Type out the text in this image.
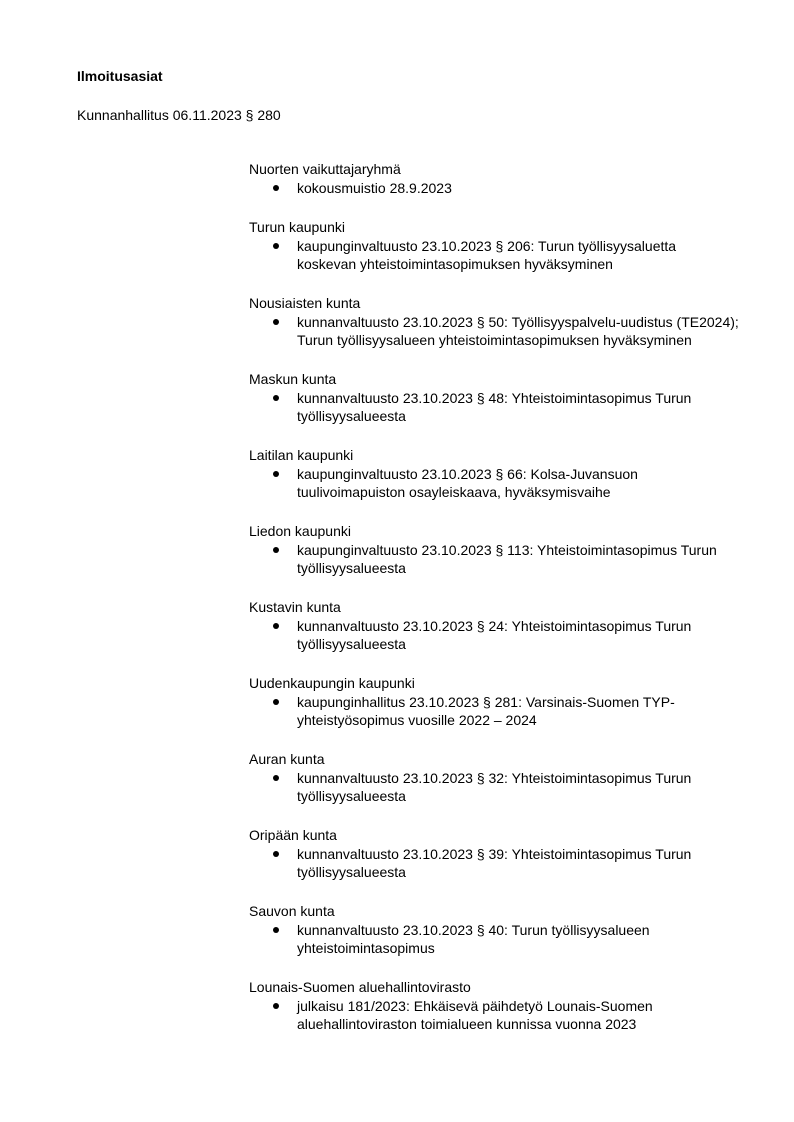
Ilmoitusasiat

Kunnanhallitus 06.11.2023 § 280

Nuorten vaikuttajaryhmä
kokousmuistio 28.9.2023
Turun kaupunki
kaupunginvaltuusto 23.10.2023 § 206: Turun työllisyysaluetta koskevan yhteistoimintasopimuksen hyväksyminen
Nousiaisten kunta
kunnanvaltuusto 23.10.2023 § 50: Työllisyyspalvelu-uudistus (TE2024); Turun työllisyysalueen yhteistoimintasopimuksen hyväksyminen
Maskun kunta
kunnanvaltuusto 23.10.2023 § 48: Yhteistoimintasopimus Turun työllisyysalueesta
Laitilan kaupunki
kaupunginvaltuusto 23.10.2023 § 66: Kolsa-Juvansuon tuulivoimapuiston osayleiskaava, hyväksymisvaihe
Liedon kaupunki
kaupunginvaltuusto 23.10.2023 § 113: Yhteistoimintasopimus Turun työllisyysalueesta
Kustavin kunta
kunnanvaltuusto 23.10.2023 § 24: Yhteistoimintasopimus Turun työllisyysalueesta
Uudenkaupungin kaupunki
kaupunginhallitus 23.10.2023 § 281: Varsinais-Suomen TYP-yhteistyösopimus vuosille 2022 – 2024
Auran kunta
kunnanvaltuusto 23.10.2023 § 32: Yhteistoimintasopimus Turun työllisyysalueesta
Oripään kunta
kunnanvaltuusto 23.10.2023 § 39: Yhteistoimintasopimus Turun työllisyysalueesta
Sauvon kunta
kunnanvaltuusto 23.10.2023 § 40: Turun työllisyysalueen yhteistoimintasopimus
Lounais-Suomen aluehallintovirasto
julkaisu 181/2023: Ehkäisevä päihdetyö Lounais-Suomen aluehallintoviraston toimialueen kunnissa vuonna 2023
